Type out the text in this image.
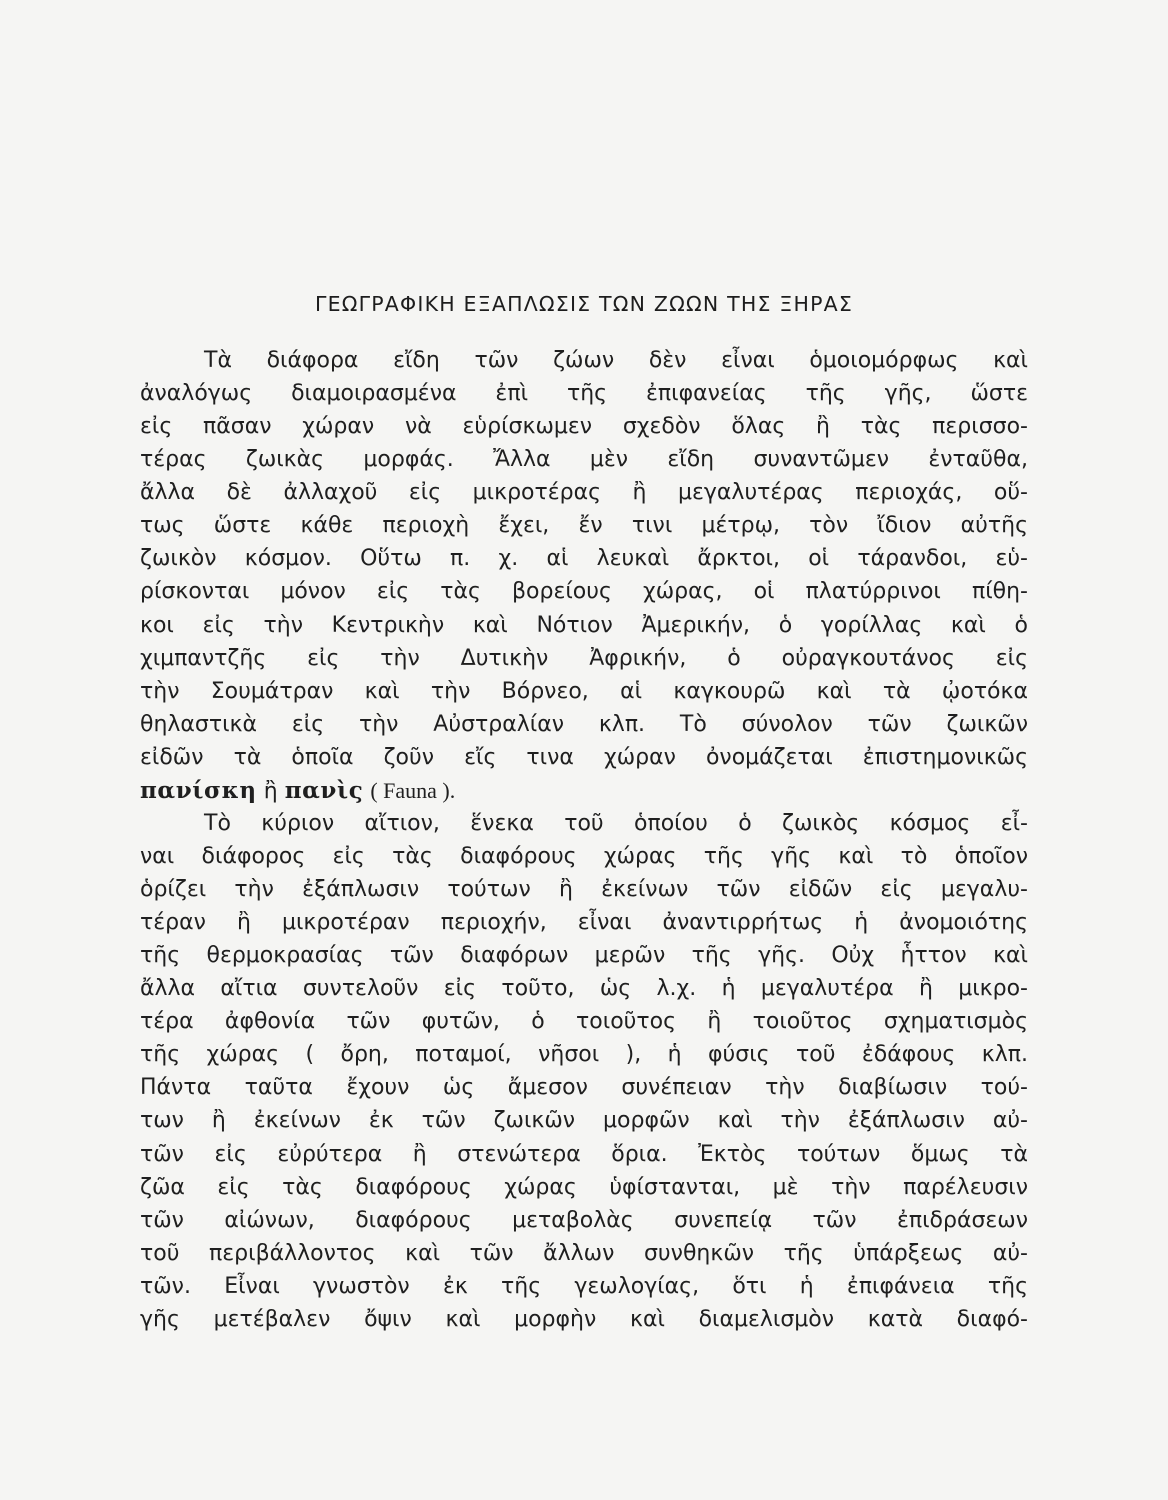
ΓΕΩΓΡΑΦΙΚΗ ΕΞΑΠΛΩΣΙΣ ΤΩΝ ΖΩΩΝ ΤΗΣ ΞΗΡΑΣ
Τὰ διάφορα εἴδη τῶν ζώων δὲν εἶναι ὁμοιομόρφως καὶ
ἀναλόγως διαμοιρασμένα ἐπὶ τῆς ἐπιφανείας τῆς γῆς, ὥστε
εἰς πᾶσαν χώραν νὰ εὑρίσκωμεν σχεδὸν ὅλας ἢ τὰς περισσο-
τέρας ζωικὰς μορφάς. Ἄλλα μὲν εἴδη συναντῶμεν ἐνταῦθα,
ἄλλα δὲ ἀλλαχοῦ εἰς μικροτέρας ἢ μεγαλυτέρας περιοχάς, οὕ-
τως ὥστε κάθε περιοχὴ ἔχει, ἔν τινι μέτρῳ, τὸν ἴδιον αὐτῆς
ζωικὸν κόσμον. Οὕτω π. χ. αἱ λευκαὶ ἄρκτοι, οἱ τάρανδοι, εὑ-
ρίσκονται μόνον εἰς τὰς βορείους χώρας, οἱ πλατύρρινοι πίθη-
κοι εἰς τὴν Κεντρικὴν καὶ Νότιον Ἀμερικήν, ὁ γορίλλας καὶ ὁ
χιμπαντζῆς εἰς τὴν Δυτικὴν Ἀφρικήν, ὁ οὐραγκουτάνος εἰς
τὴν Σουμάτραν καὶ τὴν Βόρνεο, αἱ καγκουρῶ καὶ τὰ ᾠοτόκα
θηλαστικὰ εἰς τὴν Αὐστραλίαν κλπ. Τὸ σύνολον τῶν ζωικῶν
εἰδῶν τὰ ὁποῖα ζοῦν εἴς τινα χώραν ὀνομάζεται ἐπιστημονικῶς
πανίσκη ἢ πανὶς ( Fauna ).
Τὸ κύριον αἴτιον, ἕνεκα τοῦ ὁποίου ὁ ζωικὸς κόσμος εἶ-
ναι διάφορος εἰς τὰς διαφόρους χώρας τῆς γῆς καὶ τὸ ὁποῖον
ὁρίζει τὴν ἐξάπλωσιν τούτων ἢ ἐκείνων τῶν εἰδῶν εἰς μεγαλυ-
τέραν ἢ μικροτέραν περιοχήν, εἶναι ἀναντιρρήτως ἡ ἀνομοιότης
τῆς θερμοκρασίας τῶν διαφόρων μερῶν τῆς γῆς. Οὐχ ἧττον καὶ
ἄλλα αἴτια συντελοῦν εἰς τοῦτο, ὡς λ.χ. ἡ μεγαλυτέρα ἢ μικρο-
τέρα ἀφθονία τῶν φυτῶν, ὁ τοιοῦτος ἢ τοιοῦτος σχηματισμὸς
τῆς χώρας ( ὄρη, ποταμοί, νῆσοι ), ἡ φύσις τοῦ ἐδάφους κλπ.
Πάντα ταῦτα ἔχουν ὡς ἄμεσον συνέπειαν τὴν διαβίωσιν τού-
των ἢ ἐκείνων ἐκ τῶν ζωικῶν μορφῶν καὶ τὴν ἐξάπλωσιν αὐ-
τῶν εἰς εὐρύτερα ἢ στενώτερα ὅρια. Ἐκτὸς τούτων ὅμως τὰ
ζῶα εἰς τὰς διαφόρους χώρας ὑφίστανται, μὲ τὴν παρέλευσιν
τῶν αἰώνων, διαφόρους μεταβολὰς συνεπείᾳ τῶν ἐπιδράσεων
τοῦ περιβάλλοντος καὶ τῶν ἄλλων συνθηκῶν τῆς ὑπάρξεως αὐ-
τῶν. Εἶναι γνωστὸν ἐκ τῆς γεωλογίας, ὅτι ἡ ἐπιφάνεια τῆς
γῆς μετέβαλεν ὄψιν καὶ μορφὴν καὶ διαμελισμὸν κατὰ διαφό-
